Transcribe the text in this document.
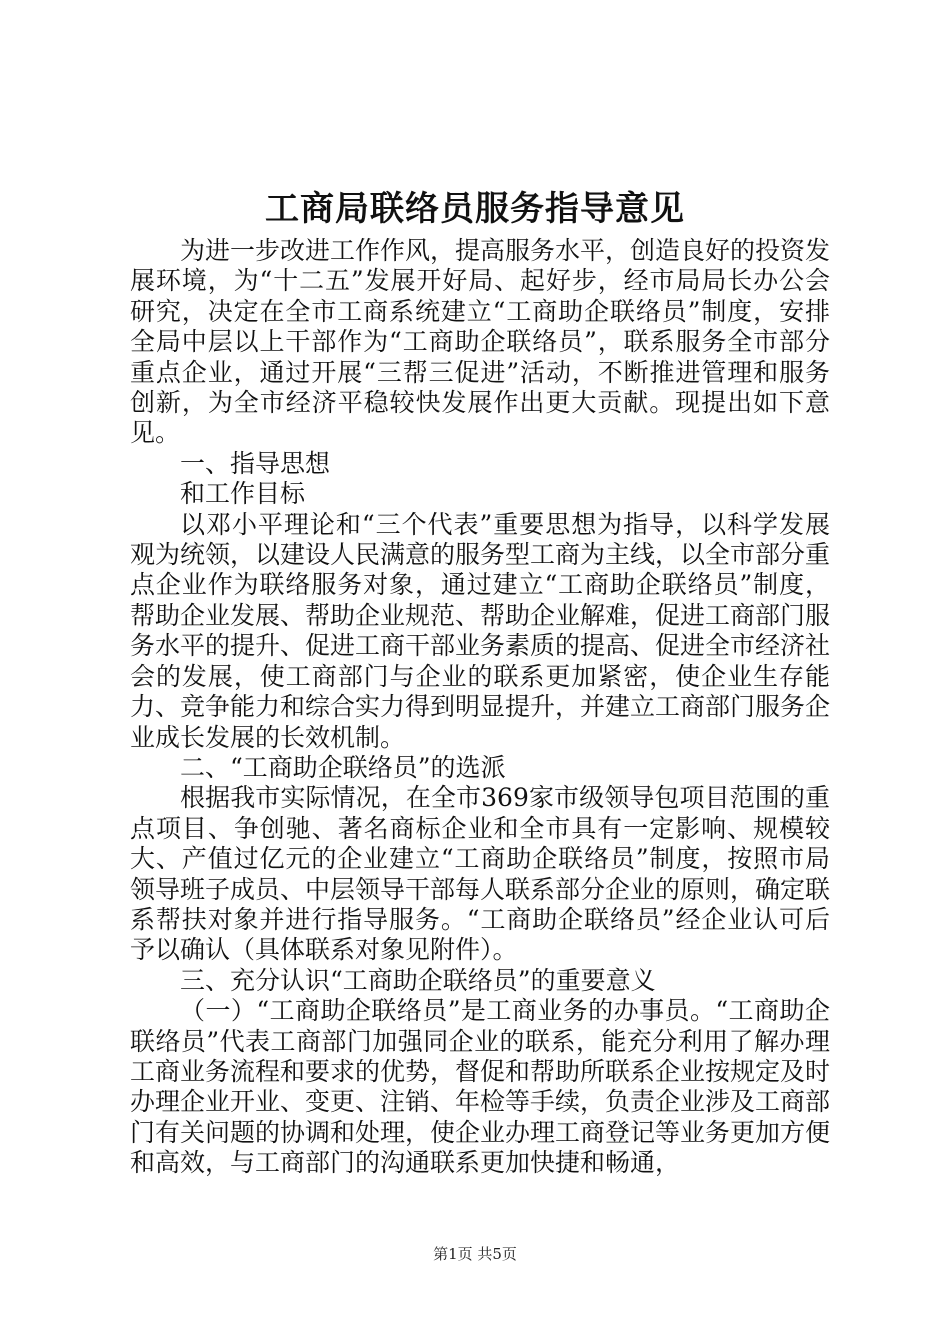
工商局联络员服务指导意见

为进一步改进工作作风，提高服务水平，创造良好的投资发展环境，为“十二五”发展开好局、起好步，经市局局长办公会研究，决定在全市工商系统建立“工商助企联络员”制度，安排全局中层以上干部作为“工商助企联络员”，联系服务全市部分重点企业，通过开展“三帮三促进”活动，不断推进管理和服务创新，为全市经济平稳较快发展作出更大贡献。现提出如下意见。

一、指导思想

和工作目标

以邓小平理论和“三个代表”重要思想为指导，以科学发展观为统领，以建设人民满意的服务型工商为主线，以全市部分重点企业作为联络服务对象，通过建立“工商助企联络员”制度，帮助企业发展、帮助企业规范、帮助企业解难，促进工商部门服务水平的提升、促进工商干部业务素质的提高、促进全市经济社会的发展，使工商部门与企业的联系更加紧密，使企业生存能力、竞争能力和综合实力得到明显提升，并建立工商部门服务企业成长发展的长效机制。

二、“工商助企联络员”的选派

根据我市实际情况，在全市369家市级领导包项目范围的重点项目、争创驰、著名商标企业和全市具有一定影响、规模较大、产值过亿元的企业建立“工商助企联络员”制度，按照市局领导班子成员、中层领导干部每人联系部分企业的原则，确定联系帮扶对象并进行指导服务。“工商助企联络员”经企业认可后予以确认（具体联系对象见附件）。

三、充分认识“工商助企联络员”的重要意义

（一）“工商助企联络员”是工商业务的办事员。“工商助企联络员”代表工商部门加强同企业的联系，能充分利用了解办理工商业务流程和要求的优势，督促和帮助所联系企业按规定及时办理企业开业、变更、注销、年检等手续，负责企业涉及工商部门有关问题的协调和处理，使企业办理工商登记等业务更加方便和高效，与工商部门的沟通联系更加快捷和畅通，

第1页 共5页
